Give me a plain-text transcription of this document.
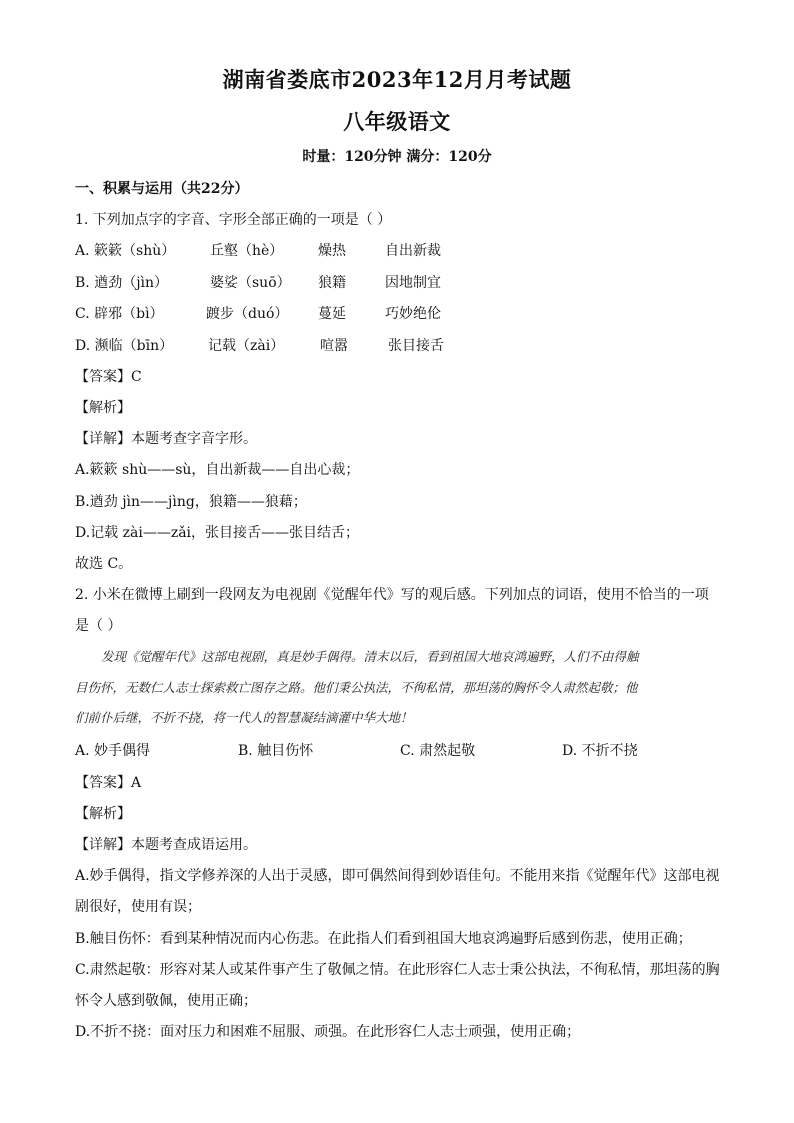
湖南省娄底市2023年12月月考试题
八年级语文
时量：120分钟 满分：120分
一、积累与运用（共22分）
1. 下列加点字的字音、字形全部正确的一项是（ ）
A. 簌簌（shù） 丘壑（hè） 燥热	自出新裁
B. 遒劲（jìn）	婆娑（suō） 狼籍	因地制宜
C. 辟邪（bì）	踱步（duó） 蔓延	巧妙绝伦
D. 濒临（bīn） 记载（zài）	喧嚣	张目接舌
【答案】C
【解析】
【详解】本题考查字音字形。
A.簌簌 shù——sù，自出新裁——自出心裁；
B.遒劲 jìn——jìng，狼籍——狼藉；
D.记载 zài——zǎi，张目接舌——张目结舌；
故选 C。
2. 小米在微博上刷到一段网友为电视剧《觉醒年代》写的观后感。下列加点的词语，使用不恰当的一项
是（ ）
发现《觉醒年代》这部电视剧，真是妙手偶得。清末以后，看到祖国大地哀鸿遍野，人们不由得触
目伤怀，无数仁人志士探索救亡图存之路。他们秉公执法，不徇私情，那坦荡的胸怀令人肃然起敬；他
们前仆后继，不折不挠，将一代人的智慧凝结滴灌中华大地！
A. 妙手偶得	B. 触目伤怀	C. 肃然起敬	D. 不折不挠
【答案】A
【解析】
【详解】本题考查成语运用。
A.妙手偶得，指文学修养深的人出于灵感，即可偶然间得到妙语佳句。不能用来指《觉醒年代》这部电视
剧很好，使用有误；
B.触目伤怀：看到某种情况而内心伤悲。在此指人们看到祖国大地哀鸿遍野后感到伤悲，使用正确；
C.肃然起敬：形容对某人或某件事产生了敬佩之情。在此形容仁人志士秉公执法，不徇私情，那坦荡的胸
怀令人感到敬佩，使用正确；
D.不折不挠：面对压力和困难不屈服、顽强。在此形容仁人志士顽强，使用正确；
